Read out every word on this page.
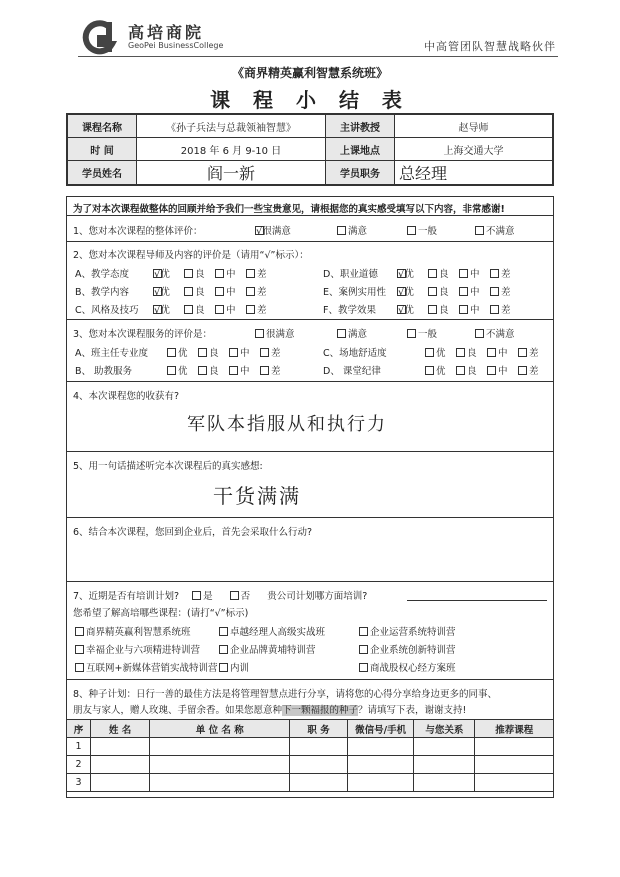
高培商院
GeoPei BusinessCollege	中高管团队智慧战略伙伴
《商界精英赢利智慧系统班》
课 程 小 结 表
课程名称	《孙子兵法与总裁领袖智慧》	主讲教授	赵导师
时 间	2018 年 6 月 9-10 日	上课地点	上海交通大学
学员姓名	阎一新	学员职务	总经理
为了对本次课程做整体的回顾并给予我们一些宝贵意见，请根据您的真实感受填写以下内容，非常感谢!
1、您对本次课程的整体评价：	√很满意	满意	一般	不满意
2、您对本次课程导师及内容的评价是（请用“√”标示）：
A、教学态度	√优	良	中	差
B、教学内容 √优	良	中	差
C、风格及技巧 √优	良	中	差
D、职业道德 √优	良	中	差
E、案例实用性 √优	良	中	差
F、教学效果 √优	良	中	差
3、您对本次课程服务的评价是：	很满意	满意	一般	不满意
A、班主任专业度	优	良	中	差
B、 助教服务	优	良	中	差
C、场地舒适度	优	良	中	差
D、 课堂纪律	优	良	中	差
4、本次课程您的收获有?
军队本指服从和执行力
5、用一句话描述听完本次课程后的真实感想:
干货满满
6、结合本次课程，您回到企业后，首先会采取什么行动?
7、近期是否有培训计划?	是	否 贵公司计划哪方面培训?
您希望了解高培哪些课程：(请打“√”标示)
商界精英赢利智慧系统班	卓越经理人高级实战班	企业运营系统特训营
幸福企业与六项精进特训营	企业品牌黄埔特训营	企业系统创新特训营
互联网+新媒体营销实战特训营	内训	商战股权心经方案班
8、种子计划：日行一善的最佳方法是将管理智慧点进行分享，请将您的心得分享给身边更多的同事、
朋友与家人，赠人玫瑰、手留余香。如果您愿意种下一颗福报的种子？请填写下表，谢谢支持!
序	姓 名	单 位 名 称	职 务	微信号/手机	与您关系	推荐课程
1						
2						
3						
